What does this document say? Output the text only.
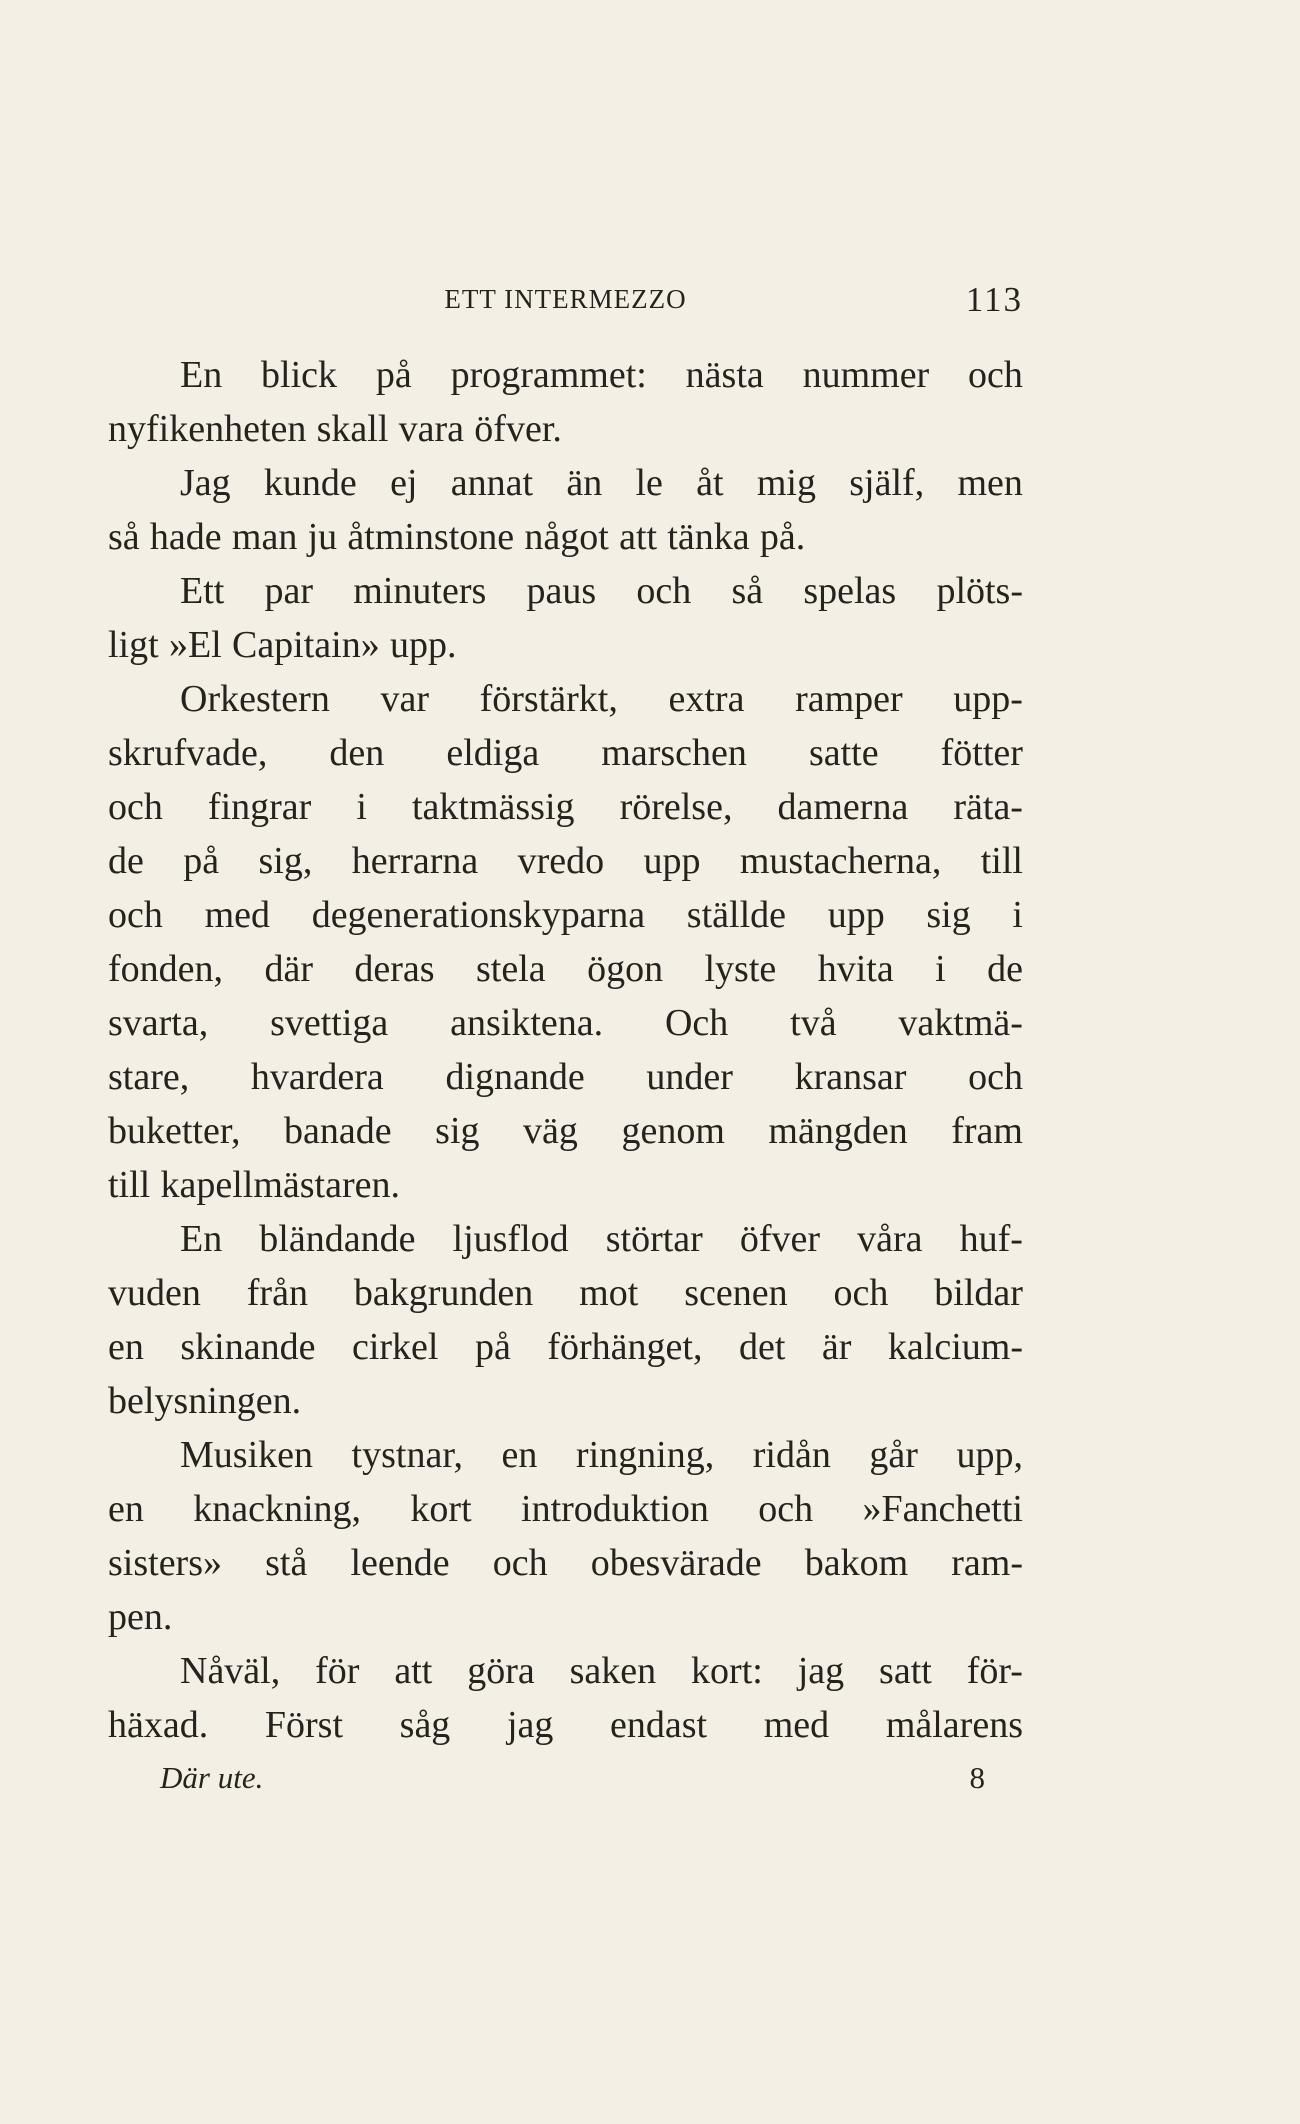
ETT INTERMEZZO	113
En blick på programmet: nästa nummer och
nyfikenheten skall vara öfver.
Jag kunde ej annat än le åt mig själf, men
så hade man ju åtminstone något att tänka på.
Ett par minuters paus och så spelas plöts-
ligt »El Capitain» upp.
Orkestern var förstärkt, extra ramper upp-
skrufvade, den eldiga marschen satte fötter
och fingrar i taktmässig rörelse, damerna räta-
de på sig, herrarna vredo upp mustacherna, till
och med degenerationskyparna ställde upp sig i
fonden, där deras stela ögon lyste hvita i de
svarta, svettiga ansiktena. Och två vaktmä-
stare, hvardera dignande under kransar och
buketter, banade sig väg genom mängden fram
till kapellmästaren.
En bländande ljusflod störtar öfver våra huf-
vuden från bakgrunden mot scenen och bildar
en skinande cirkel på förhänget, det är kalcium-
belysningen.
Musiken tystnar, en ringning, ridån går upp,
en knackning, kort introduktion och »Fanchetti
sisters» stå leende och obesvärade bakom ram-
pen.
Nåväl, för att göra saken kort: jag satt för-
häxad. Först såg jag endast med målarens
Där ute.	8
